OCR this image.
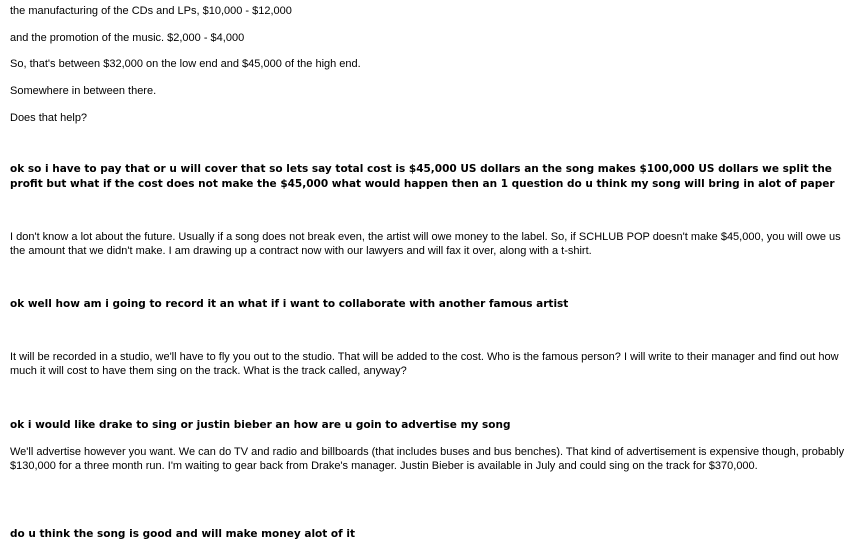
the manufacturing of the CDs and LPs, $10,000 - $12,000
and the promotion of the music. $2,000 - $4,000
So, that's between $32,000 on the low end and $45,000 of the high end.
Somewhere in between there.
Does that help?
ok so i have to pay that or u will cover that so lets say total cost is $45,000 US dollars an the song makes $100,000 US dollars we split the profit but what if the cost does not make the $45,000 what would happen then an 1 question do u think my song will bring in alot of paper
I don't know a lot about the future. Usually if a song does not break even, the artist will owe money to the label. So, if SCHLUB POP doesn't make $45,000, you will owe us the amount that we didn't make. I am drawing up a contract now with our lawyers and will fax it over, along with a t-shirt.
ok well how am i going to record it an what if i want to collaborate with another famous artist
It will be recorded in a studio, we'll have to fly you out to the studio. That will be added to the cost. Who is the famous person? I will write to their manager and find out how much it will cost to have them sing on the track. What is the track called, anyway?
ok i would like drake to sing or justin bieber an how are u goin to advertise my song
We'll advertise however you want. We can do TV and radio and billboards (that includes buses and bus benches). That kind of advertisement is expensive though, probably $130,000 for a three month run. I'm waiting to gear back from Drake's manager. Justin Bieber is available in July and could sing on the track for $370,000.
do u think the song is good and will make money alot of it
